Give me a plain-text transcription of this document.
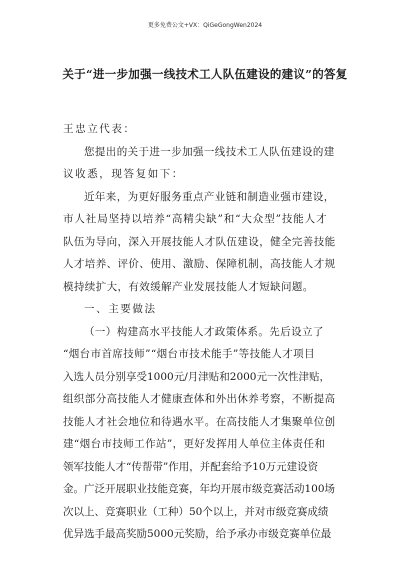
更多免费公文+VX：QiGeGongWen2024
关于“进一步加强一线技术工人队伍建设的建议”的答复
王忠立代表：
您提出的关于进一步加强一线技术工人队伍建设的建
议收悉，现答复如下：
近年来，为更好服务重点产业链和制造业强市建设，
市人社局坚持以培养“高精尖缺”和“大众型”技能人才
队伍为导向，深入开展技能人才队伍建设，健全完善技能
人才培养、评价、使用、激励、保障机制，高技能人才规
模持续扩大，有效缓解产业发展技能人才短缺问题。
一、主要做法
（一）构建高水平技能人才政策体系。先后设立了
“烟台市首席技师”“烟台市技术能手”等技能人才项目
入选人员分别享受1000元/月津贴和2000元一次性津贴，
组织部分高技能人才健康查体和外出休养考察，不断提高
技能人才社会地位和待遇水平。在高技能人才集聚单位创
建“烟台市技师工作站”，更好发挥用人单位主体责任和
领军技能人才“传帮带”作用，并配套给予10万元建设资
金。广泛开展职业技能竞赛，年均开展市级竞赛活动100场
次以上、竞赛职业（工种）50个以上，并对市级竞赛成绩
优异选手最高奖励5000元奖励，给予承办市级竞赛单位最
